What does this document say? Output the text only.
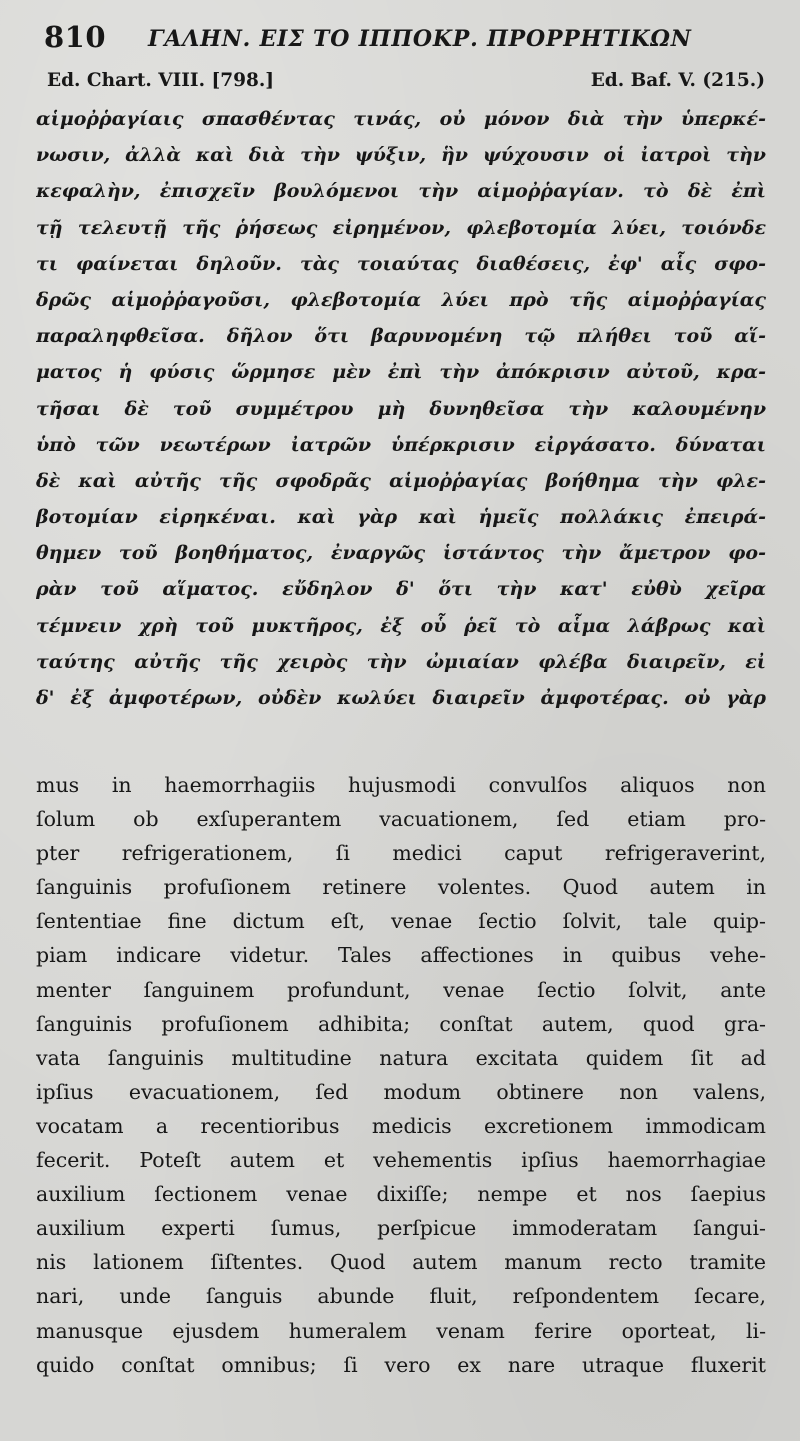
810 ΓΑΛΗΝ. ΕΙΣ ΤΟ ΙΠΠΟΚΡ. ΠΡΟΡΡΗΤΙΚΩΝ
Ed. Chart. VIII. [798.]	Ed. Baf. V. (215.)
αἱμοῤῥαγίαις σπασθέντας τινάς, οὐ μόνον διὰ τὴν ὑπερκέ-
νωσιν, ἀλλὰ καὶ διὰ τὴν ψύξιν, ἣν ψύχουσιν οἱ ἰατροὶ τὴν
κεφαλὴν, ἐπισχεῖν βουλόμενοι τὴν αἱμοῤῥαγίαν. τὸ δὲ ἐπὶ
τῇ τελευτῇ τῆς ῥήσεως εἰρημένον, φλεβοτομία λύει, τοιόνδε
τι φαίνεται δηλοῦν. τὰς τοιαύτας διαθέσεις, ἐφ' αἷς σφο-
δρῶς αἱμοῤῥαγοῦσι, φλεβοτομία λύει πρὸ τῆς αἱμοῤῥαγίας
παραληφθεῖσα. δῆλον ὅτι βαρυνομένη τῷ πλήθει τοῦ αἵ-
ματος ἡ φύσις ὥρμησε μὲν ἐπὶ τὴν ἀπόκρισιν αὐτοῦ, κρα-
τῆσαι δὲ τοῦ συμμέτρου μὴ δυνηθεῖσα τὴν καλουμένην
ὑπὸ τῶν νεωτέρων ἰατρῶν ὑπέρκρισιν εἰργάσατο. δύναται
δὲ καὶ αὐτῆς τῆς σφοδρᾶς αἱμοῤῥαγίας βοήθημα τὴν φλε-
βοτομίαν εἰρηκέναι. καὶ γὰρ καὶ ἡμεῖς πολλάκις ἐπειρά-
θημεν τοῦ βοηθήματος, ἐναργῶς ἱστάντος τὴν ἄμετρον φο-
ρὰν τοῦ αἵματος. εὔδηλον δ' ὅτι τὴν κατ' εὐθὺ χεῖρα
τέμνειν χρὴ τοῦ μυκτῆρος, ἐξ οὗ ῥεῖ τὸ αἷμα λάβρως καὶ
ταύτης αὐτῆς τῆς χειρὸς τὴν ὠμιαίαν φλέβα διαιρεῖν, εἰ
δ' ἐξ ἀμφοτέρων, οὐδὲν κωλύει διαιρεῖν ἀμφοτέρας. οὐ γὰρ
mus in haemorrhagiis hujusmodi convulſos aliquos non
ſolum ob exſuperantem vacuationem, ſed etiam pro-
pter refrigerationem, ſi medici caput refrigeraverint,
ſanguinis profuſionem retinere volentes. Quod autem in
ſententiae fine dictum eſt, venae ſectio ſolvit, tale quip-
piam indicare videtur. Tales affectiones in quibus vehe-
menter ſanguinem profundunt, venae ſectio ſolvit, ante
ſanguinis profuſionem adhibita; conſtat autem, quod gra-
vata ſanguinis multitudine natura excitata quidem ſit ad
ipſius evacuationem, ſed modum obtinere non valens,
vocatam a recentioribus medicis excretionem immodicam
fecerit. Poteſt autem et vehementis ipſius haemorrhagiae
auxilium ſectionem venae dixiſſe; nempe et nos ſaepius
auxilium experti ſumus, perſpicue immoderatam ſangui-
nis lationem ſiſtentes. Quod autem manum recto tramite
nari, unde ſanguis abunde fluit, reſpondentem ſecare,
manusque ejusdem humeralem venam ferire oporteat, li-
quido conſtat omnibus; ſi vero ex nare utraque fluxerit
